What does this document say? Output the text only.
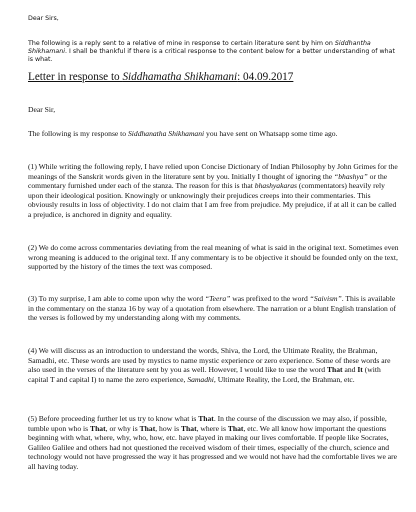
Dear Sirs,

The following is a reply sent to a relative of mine in response to certain literature sent by him on Siddhantha Shikhamani. I shall be thankful if there is a critical response to the content below for a better understanding of what is what.

Letter in response to Siddhamatha Shikhamani: 04.09.2017

Dear Sir,

The following is my response to Siddhanatha Shikhamani you have sent on Whatsapp some time ago.

(1) While writing the following reply, I have relied upon Concise Dictionary of Indian Philosophy by John Grimes for the meanings of the Sanskrit words given in the literature sent by you. Initially I thought of ignoring the “bhashya” or the commentary furnished under each of the stanza. The reason for this is that bhashyakaras (commentators) heavily rely upon their ideological position. Knowingly or unknowingly their prejudices creeps into their commentaries. This obviously results in loss of objectivity. I do not claim that I am free from prejudice. My prejudice, if at all it can be called a prejudice, is anchored in dignity and equality.

(2) We do come across commentaries deviating from the real meaning of what is said in the original text. Sometimes even wrong meaning is adduced to the original text. If any commentary is to be objective it should be founded only on the text, supported by the history of the times the text was composed.

(3) To my surprise, I am able to come upon why the word “Teera” was prefixed to the word “Saivism”. This is available in the commentary on the stanza 16 by way of a quotation from elsewhere. The narration or a blunt English translation of the verses is followed by my understanding along with my comments.

(4) We will discuss as an introduction to understand the words, Shiva, the Lord, the Ultimate Reality, the Brahman, Samadhi, etc. These words are used by mystics to name mystic experience or zero experience. Some of these words are also used in the verses of the literature sent by you as well. However, I would like to use the word That and It (with capital T and capital I) to name the zero experience, Samadhi, Ultimate Reality, the Lord, the Brahman, etc.

(5) Before proceeding further let us try to know what is That. In the course of the discussion we may also, if possible, tumble upon who is That, or why is That, how is That, where is That, etc. We all know how important the questions beginning with what, where, why, who, how, etc. have played in making our lives comfortable. If people like Socrates, Galileo Galilee and others had not questioned the received wisdom of their times, especially of the church, science and technology would not have progressed the way it has progressed and we would not have had the comfortable lives we are all having today.
